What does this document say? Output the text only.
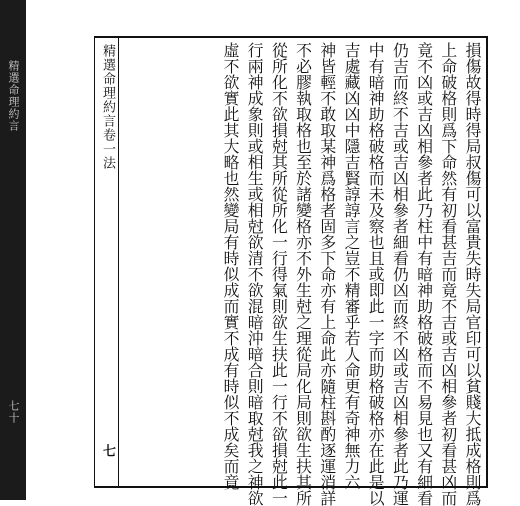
精選命理約言
七十
精選命理約言卷一法
七	損傷故得時得局叔傷可以富貴失時失局官印可以貧賤大抵成格則爲
上命破格則爲下命然有初看甚吉而竟不吉或吉凶相參者初看甚凶而
竟不凶或吉凶相參者此乃柱中有暗神助格破格而不易見也又有細看
仍吉而終不吉或吉凶相參者細看仍凶而終不凶或吉凶相參者此乃運
中有暗神助格破格而未及察也且或即此一字而助格破格亦在此是以
吉處藏凶凶中隱吉賢諄諄言之豈不精審乎若人命更有奇神無力六
神皆輕不敢取某神爲格者固多下命亦有上命此亦隨柱斟酌逐運消詳
不必膠執取格也至於諸變格亦不外生尅之理從局化局則欲生扶其所
從所化不欲損尅其所從所化一行得氣則欲生扶此一行不欲損尅此一
行兩神成象則或相生或相尅欲清不欲混暗沖暗合則暗取尅我之神欲
虛不欲實此其大略也然變局有時似成而實不成有時似不成矣而竟
